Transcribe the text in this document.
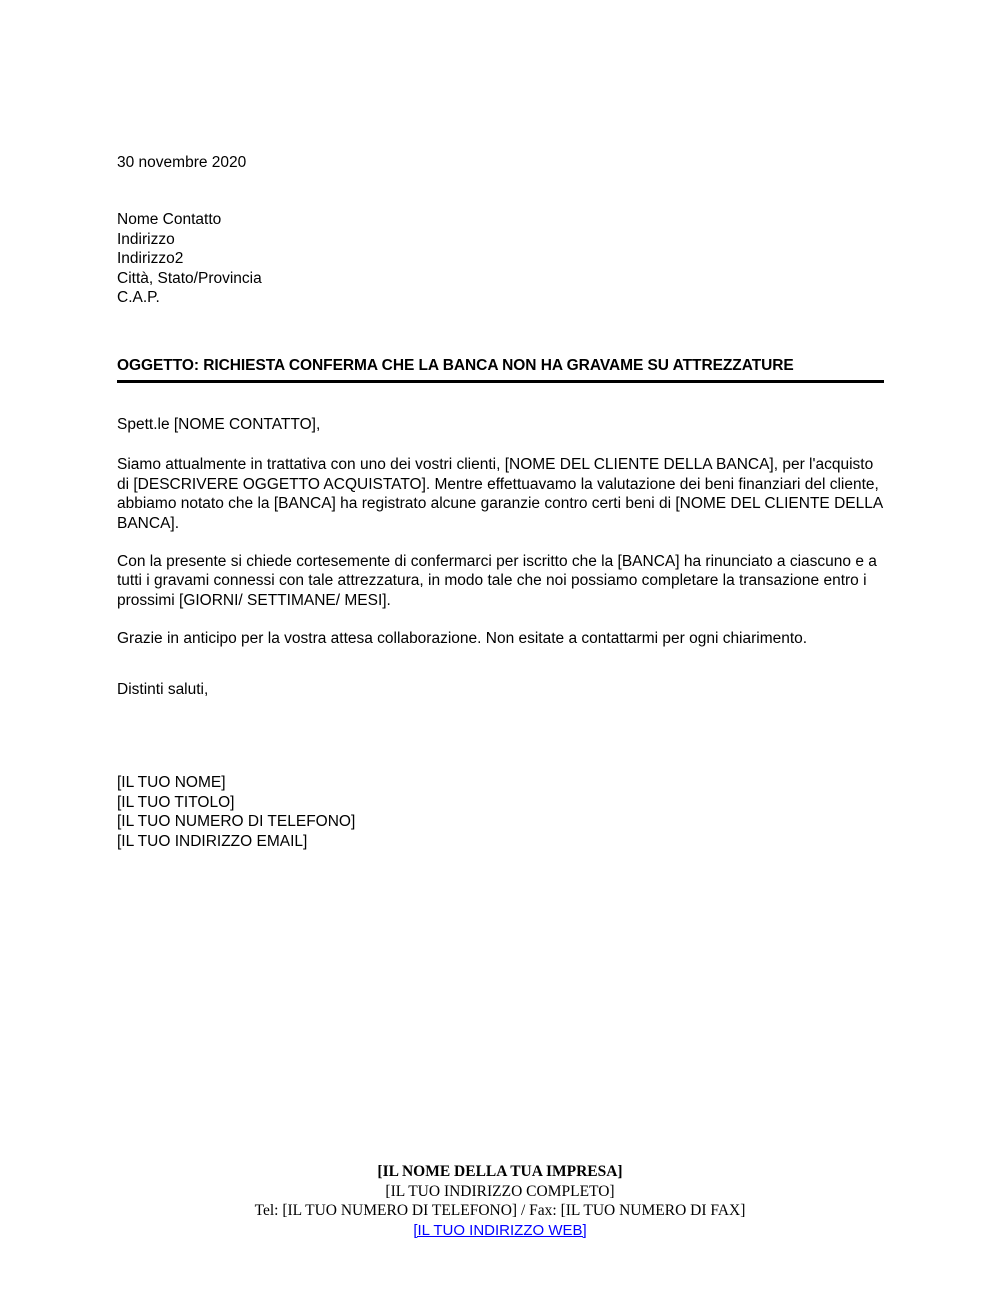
30 novembre 2020
Nome Contatto
Indirizzo
Indirizzo2
Città, Stato/Provincia
C.A.P.
OGGETTO: RICHIESTA CONFERMA CHE LA BANCA NON HA GRAVAME SU ATTREZZATURE

Spett.le [NOME CONTATTO],

Siamo attualmente in trattativa con uno dei vostri clienti, [NOME DEL CLIENTE DELLA BANCA], per l'acquisto di [DESCRIVERE OGGETTO ACQUISTATO]. Mentre effettuavamo la valutazione dei beni finanziari del cliente, abbiamo notato che la [BANCA] ha registrato alcune garanzie contro certi beni di [NOME DEL CLIENTE DELLA BANCA].

Con la presente si chiede cortesemente di confermarci per iscritto che la [BANCA] ha rinunciato a ciascuno e a tutti i gravami connessi con tale attrezzatura, in modo tale che noi possiamo completare la transazione entro i prossimi [GIORNI/ SETTIMANE/ MESI].

Grazie in anticipo per la vostra attesa collaborazione. Non esitate a contattarmi per ogni chiarimento.

Distinti saluti,
[IL TUO NOME]
[IL TUO TITOLO]
[IL TUO NUMERO DI TELEFONO]
[IL TUO INDIRIZZO EMAIL]
[IL NOME DELLA TUA IMPRESA]
[IL TUO INDIRIZZO COMPLETO]
Tel: [IL TUO NUMERO DI TELEFONO] / Fax: [IL TUO NUMERO DI FAX]
[IL TUO INDIRIZZO WEB]
